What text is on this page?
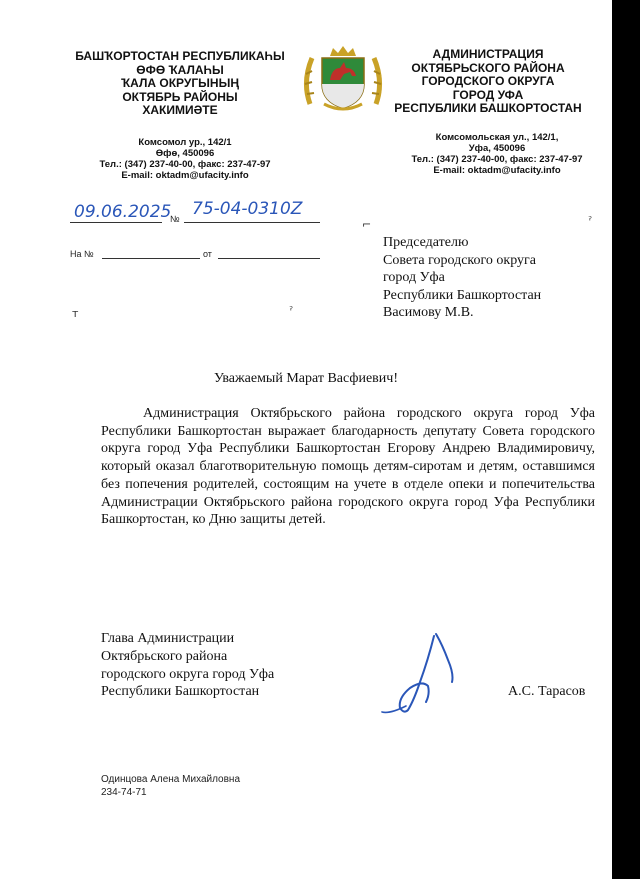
БАШҠОРТОСТАН РЕСПУБЛИКАҺЫ
ӨФӨ ҠАЛАҺЫ
ҠАЛА ОКРУГЫНЫҢ
ОКТЯБРЬ РАЙОНЫ
ХАКИМИӘТЕ
АДМИНИСТРАЦИЯ
ОКТЯБРЬСКОГО РАЙОНА
ГОРОДСКОГО ОКРУГА
ГОРОД УФА
РЕСПУБЛИКИ БАШКОРТОСТАН
Комсомол ур., 142/1
Өфө, 450096
Тел.: (347) 237-40-00, факс: 237-47-97
E-mail: oktadm@ufacity.info
Комсомольская ул., 142/1,
Уфа, 450096
Тел.: (347) 237-40-00, факс: 237-47-97
E-mail: oktadm@ufacity.info
09.06.2025
№ 75-04-0310Z
На №	от
⌐	ˀ
т	ˀ
Председателю
Совета городского округа
город Уфа
Республики Башкортостан
Васимову М.В.
Уважаемый Марат Васфиевич!

Администрация Октябрьского района городского округа город Уфа Республики Башкортостан выражает благодарность депутату Совета городского округа город Уфа Республики Башкортостан Егорову Андрею Владимировичу, который оказал благотворительную помощь детям-сиротам и детям, оставшимся без попечения родителей, состоящим на учете в отделе опеки и попечительства Администрации Октябрьского района городского округа город Уфа Республики Башкортостан, ко Дню защиты детей.

Глава Администрации
Октябрьского района
городского округа город Уфа
Республики Башкортостан	А.С. Тарасов
Одинцова Алена Михайловна
234-74-71
